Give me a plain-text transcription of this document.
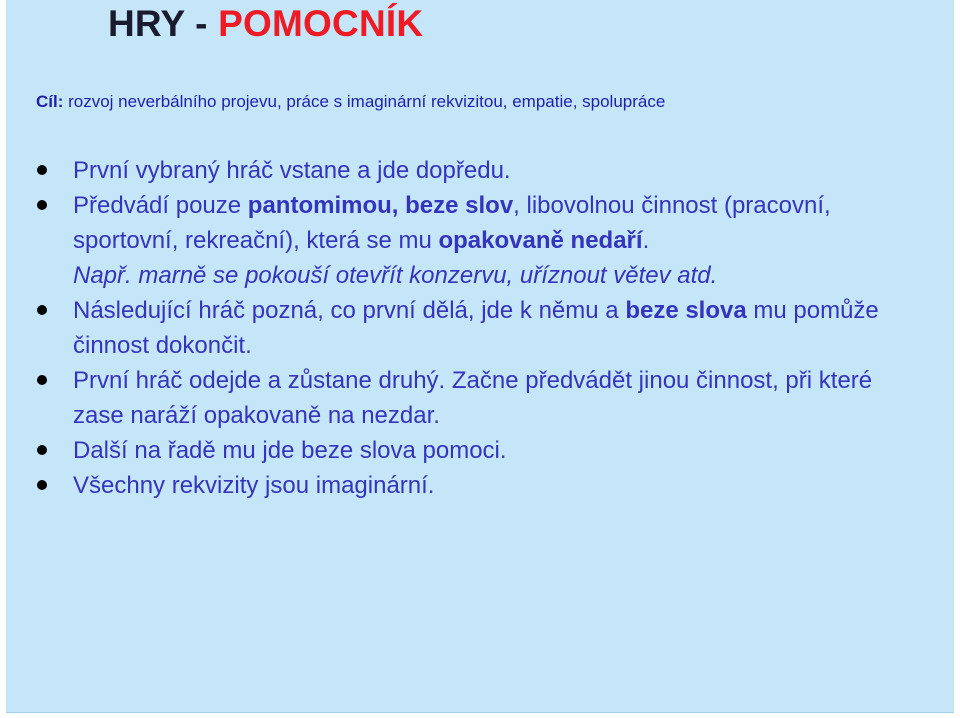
HRY - POMOCNÍK
Cíl: rozvoj neverbálního projevu, práce s imaginární rekvizitou, empatie, spolupráce
První vybraný hráč vstane a jde dopředu.
Předvádí pouze pantomimou, beze slov, libovolnou činnost (pracovní, sportovní, rekreační), která se mu opakovaně nedaří.
Např. marně se pokouší otevřít konzervu, uříznout větev atd.
Následující hráč pozná, co první dělá, jde k němu a beze slova mu pomůže činnost dokončit.
První hráč odejde a zůstane druhý. Začne předvádět jinou činnost, při které zase naráží opakovaně na nezdar.
Další na řadě mu jde beze slova pomoci.
Všechny rekvizity jsou imaginární.
